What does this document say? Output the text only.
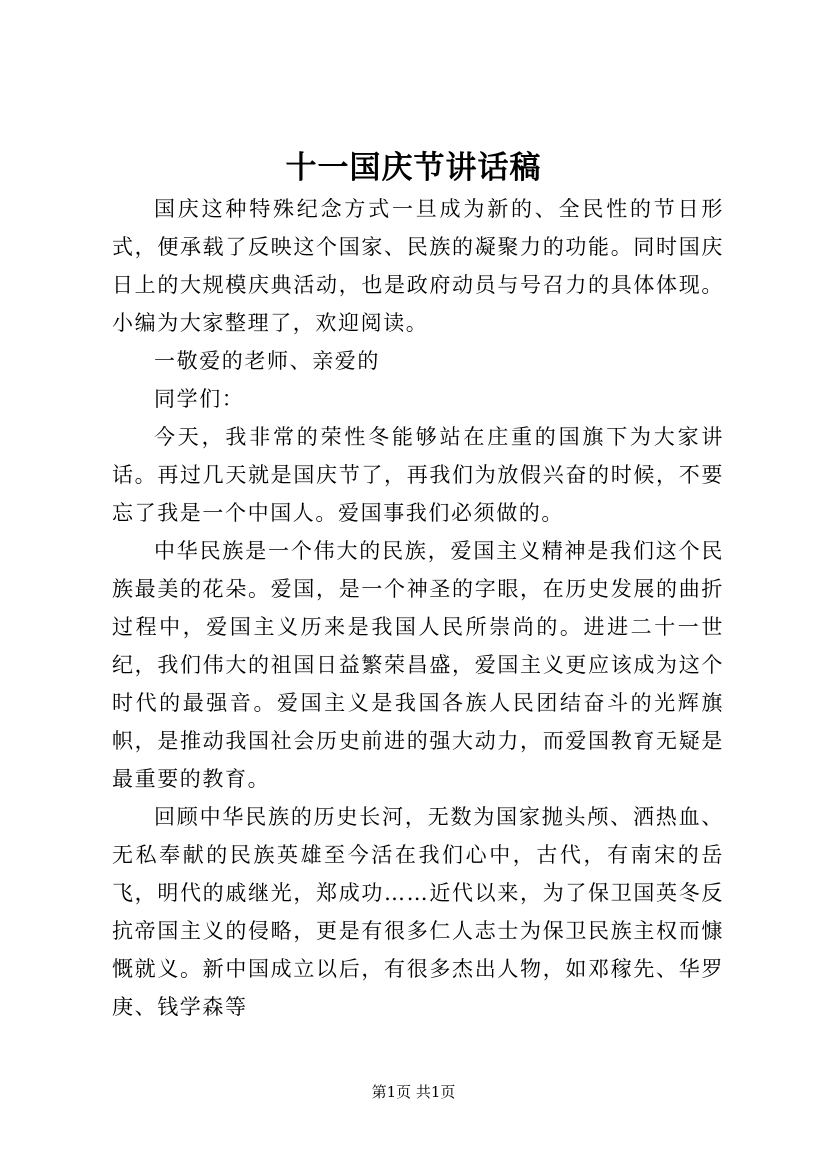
十一国庆节讲话稿

国庆这种特殊纪念方式一旦成为新的、全民性的节日形式，便承载了反映这个国家、民族的凝聚力的功能。同时国庆日上的大规模庆典活动，也是政府动员与号召力的具体体现。小编为大家整理了，欢迎阅读。

一敬爱的老师、亲爱的

同学们：

今天，我非常的荣性冬能够站在庄重的国旗下为大家讲话。再过几天就是国庆节了，再我们为放假兴奋的时候，不要忘了我是一个中国人。爱国事我们必须做的。

中华民族是一个伟大的民族，爱国主义精神是我们这个民族最美的花朵。爱国，是一个神圣的字眼，在历史发展的曲折过程中，爱国主义历来是我国人民所崇尚的。进进二十一世纪，我们伟大的祖国日益繁荣昌盛，爱国主义更应该成为这个时代的最强音。爱国主义是我国各族人民团结奋斗的光辉旗帜，是推动我国社会历史前进的强大动力，而爱国教育无疑是最重要的教育。

回顾中华民族的历史长河，无数为国家抛头颅、洒热血、无私奉献的民族英雄至今活在我们心中，古代，有南宋的岳飞，明代的戚继光，郑成功……近代以来，为了保卫国英冬反抗帝国主义的侵略，更是有很多仁人志士为保卫民族主权而慷慨就义。新中国成立以后，有很多杰出人物，如邓稼先、华罗庚、钱学森等

第1页 共1页
